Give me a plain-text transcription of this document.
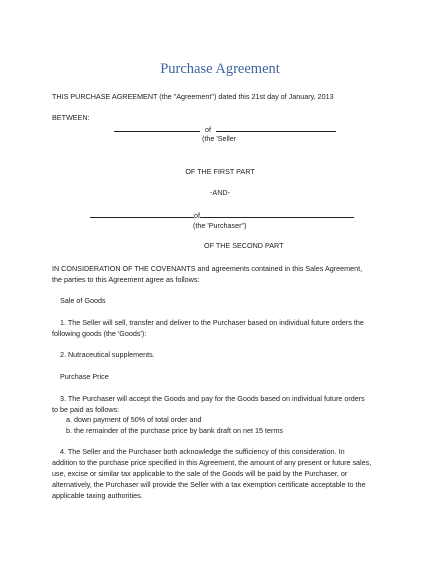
Purchase Agreement
THIS PURCHASE AGREEMENT (the "Agreement") dated this 21st day of January, 2013
BETWEEN:
of
(the 'Seller
OF THE FIRST PART
-AND-
of
(the 'Purchaser")
OF THE SECOND PART
IN CONSIDERATION OF THE COVENANTS and agreements contained in this Sales Agreement,
the parties to this Agreement agree as follows:
Sale of Goods
1. The Seller will sell, transfer and deliver to the Purchaser based on individual future orders the
following goods (the 'Goods'):
2. Nutraceutical supplements.
Purchase Price
3. The Purchaser will accept the Goods and pay for the Goods based on individual future orders
to be paid as follows:
a. down payment of 50% of total order and
b. the remainder of the purchase price by bank draft on net 15 terms
4. The Seller and the Purchaser both acknowledge the sufficiency of this consideration. In
addition to the purchase price specified in this Agreement, the amount of any present or future sales,
use, excise or similar tax applicable to the sale of the Goods will be paid by the Purchaser, or
alternatively, the Purchaser will provide the Seller with a tax exemption certificate acceptable to the
applicable taxing authorities.
